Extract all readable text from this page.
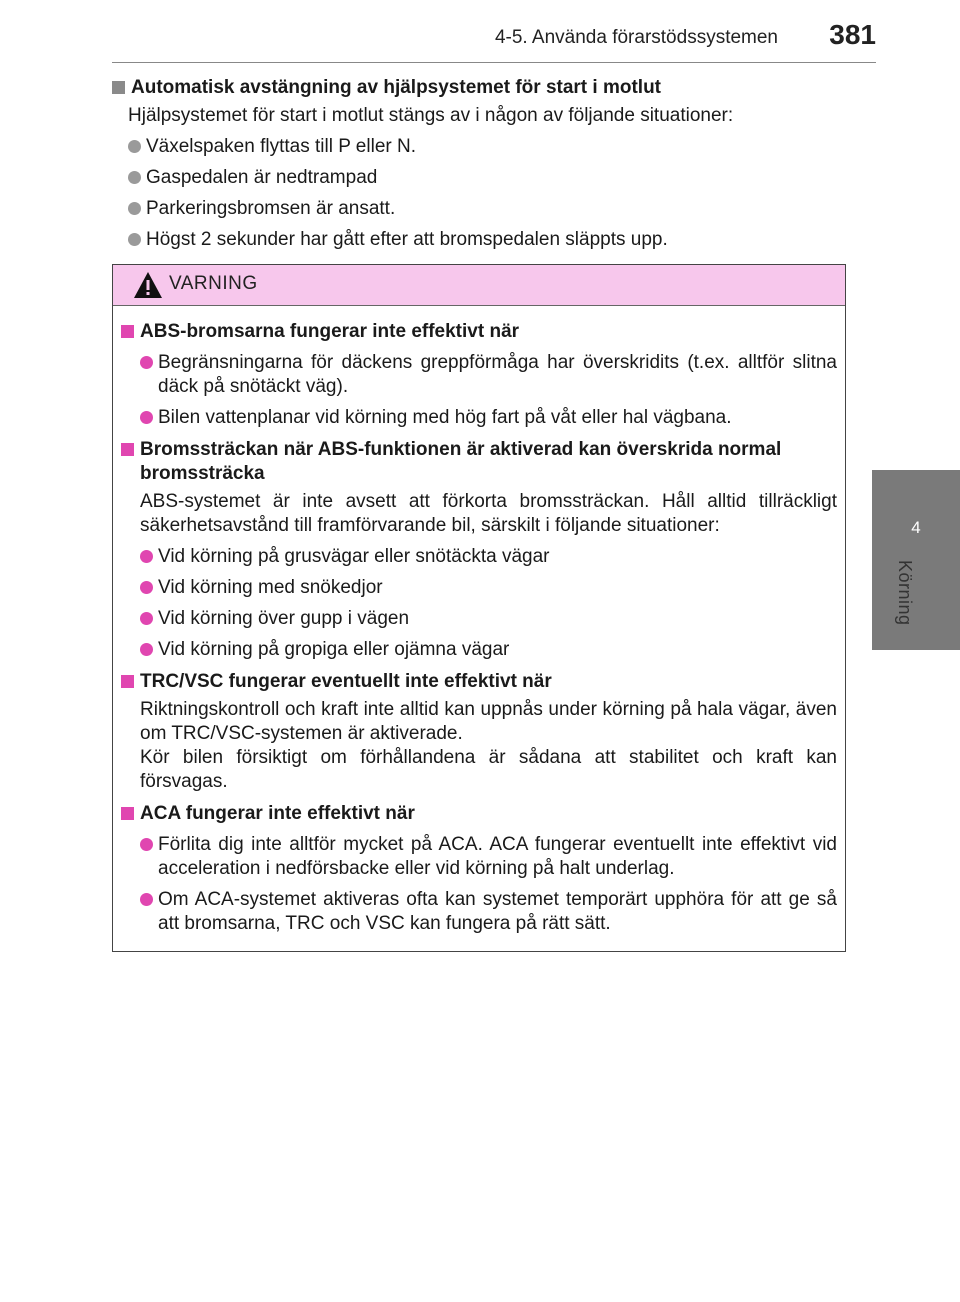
4-5. Använda förarstödssystemen 381
4
Körning
Automatisk avstängning av hjälpsystemet för start i motlut
Hjälpsystemet för start i motlut stängs av i någon av följande situationer:
Växelspaken flyttas till P eller N.
Gaspedalen är nedtrampad
Parkeringsbromsen är ansatt.
Högst 2 sekunder har gått efter att bromspedalen släppts upp.
VARNING
ABS-bromsarna fungerar inte effektivt när
Begränsningarna för däckens greppförmåga har överskridits (t.ex. alltför slitna däck på snötäckt väg).
Bilen vattenplanar vid körning med hög fart på våt eller hal vägbana.
Bromssträckan när ABS-funktionen är aktiverad kan överskrida normal bromssträcka
ABS-systemet är inte avsett att förkorta bromssträckan. Håll alltid tillräckligt säkerhetsavstånd till framförvarande bil, särskilt i följande situationer:
Vid körning på grusvägar eller snötäckta vägar
Vid körning med snökedjor
Vid körning över gupp i vägen
Vid körning på gropiga eller ojämna vägar
TRC/VSC fungerar eventuellt inte effektivt när
Riktningskontroll och kraft inte alltid kan uppnås under körning på hala vägar, även om TRC/VSC-systemen är aktiverade.
Kör bilen försiktigt om förhållandena är sådana att stabilitet och kraft kan försvagas.
ACA fungerar inte effektivt när
Förlita dig inte alltför mycket på ACA. ACA fungerar eventuellt inte effektivt vid acceleration i nedförsbacke eller vid körning på halt underlag.
Om ACA-systemet aktiveras ofta kan systemet temporärt upphöra för att ge så att bromsarna, TRC och VSC kan fungera på rätt sätt.
